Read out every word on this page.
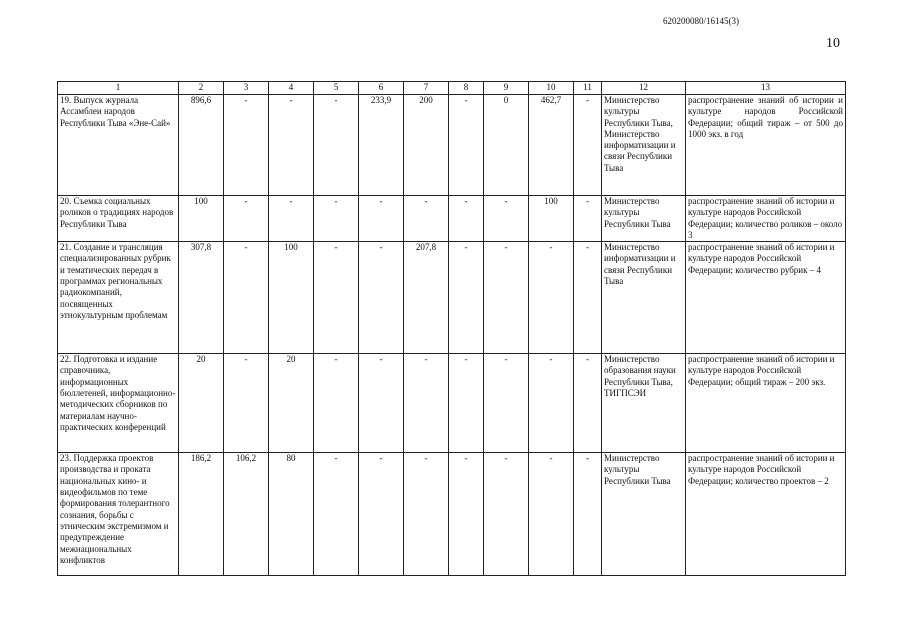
620200080/16145(3)
10
1	2	3	4	5	6	7	8	9	10	11	12	13
19. Выпуск журнала Ассамблеи народов Республики Тыва «Эне-Сай»	896,6	-	-	-	233,9	200	-	0	462,7	-	Министерство культуры Республики Тыва, Министерство информатизации и связи Республики Тыва	распространение знаний об истории и культуре народов Российской Федерации; общий тираж – от 500 до 1000 экз. в год
20. Съемка социальных роликов о традициях народов Республики Тыва	100	-	-	-	-	-	-	-	100	-	Министерство культуры Республики Тыва	распространение знаний об истории и культуре народов Российской Федерации; количество роликов – около 3
21. Создание и трансляция специализированных рубрик и тематических передач в программах региональных радиокомпаний, посвященных этнокультурным проблемам	307,8	-	100	-	-	207,8	-	-	-	-	Министерство информатизации и связи Республики Тыва	распространение знаний об истории и культуре народов Российской Федерации; количество рубрик – 4
22. Подготовка и издание справочника, информационных бюллетеней, информационно-методических сборников по материалам научно-практических конференций	20	-	20	-	-	-	-	-	-	-	Министерство образования науки Республики Тыва, ТИГПСЭИ	распространение знаний об истории и культуре народов Российской Федерации; общий тираж – 200 экз.
23. Поддержка проектов производства и проката национальных кино- и видеофильмов по теме формирования толерантного сознания, борьбы с этническим экстремизмом и предупреждение межнациональных конфликтов	186,2	106,2	80	-	-	-	-	-	-	-	Министерство культуры Республики Тыва	распространение знаний об истории и культуре народов Российской Федерации; количество проектов – 2
